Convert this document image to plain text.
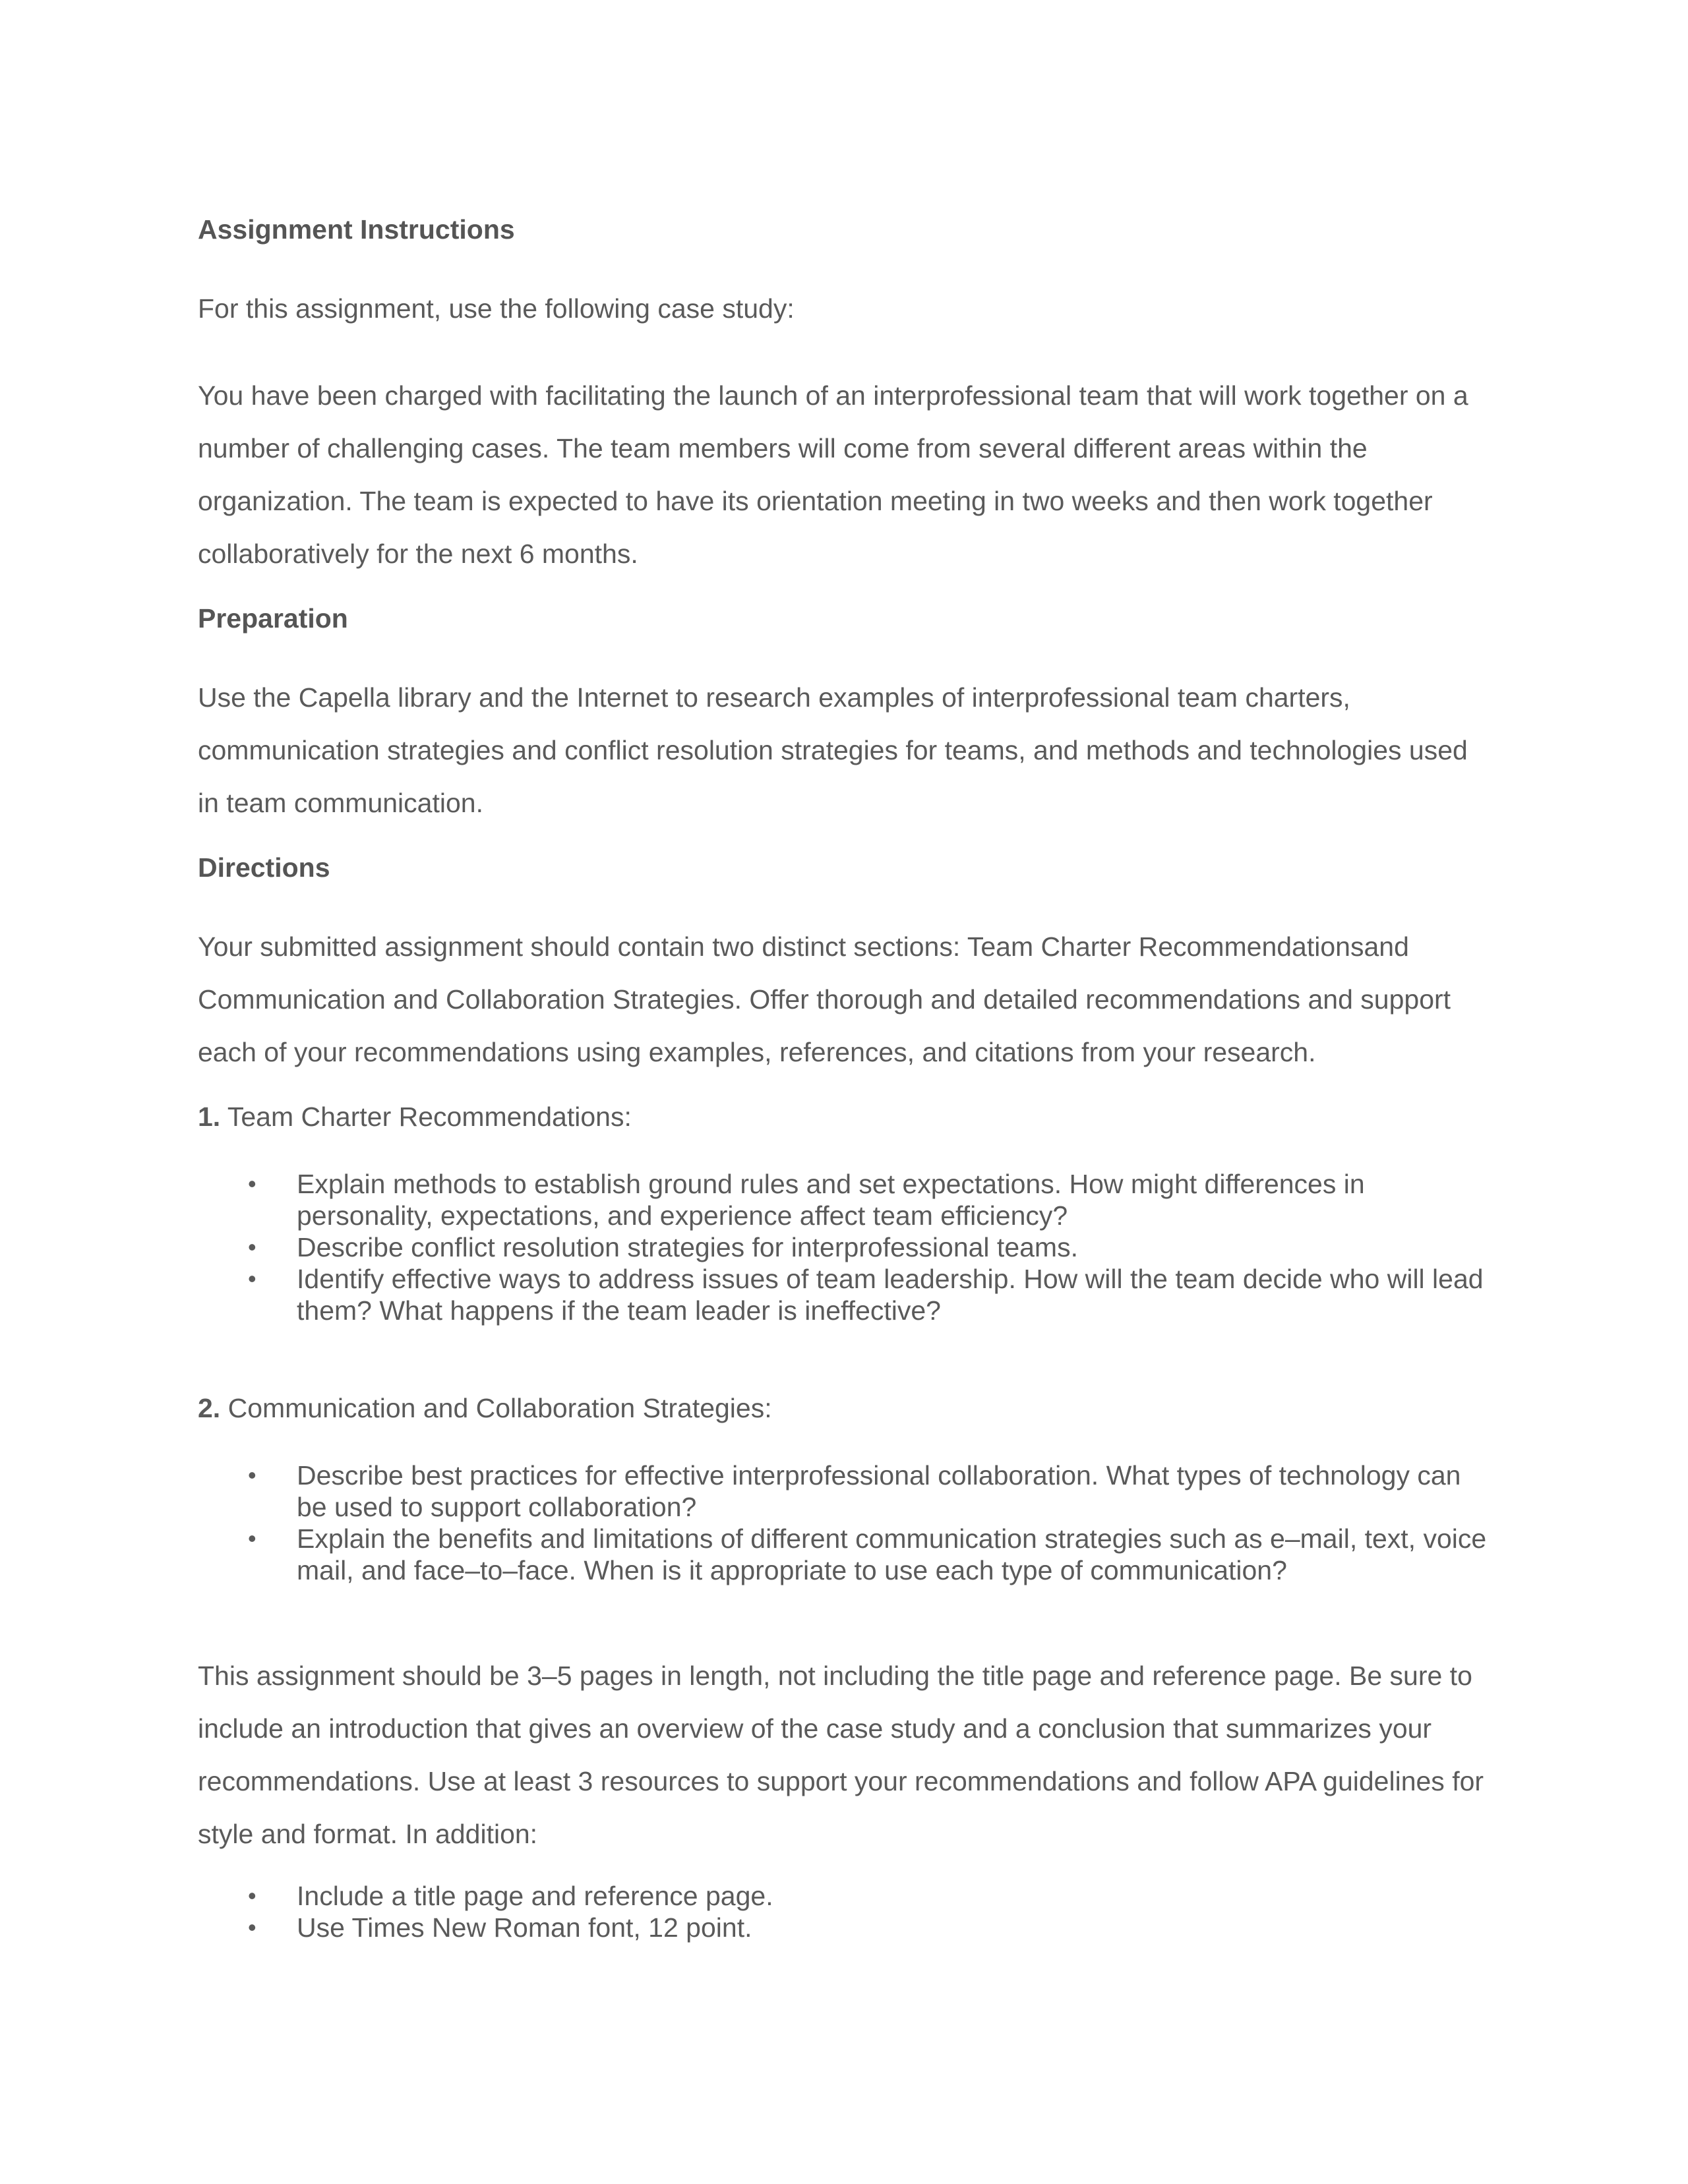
Assignment Instructions
For this assignment, use the following case study:
You have been charged with facilitating the launch of an interprofessional team that will work together on a number of challenging cases. The team members will come from several different areas within the organization. The team is expected to have its orientation meeting in two weeks and then work together collaboratively for the next 6 months.
Preparation
Use the Capella library and the Internet to research examples of interprofessional team charters, communication strategies and conflict resolution strategies for teams, and methods and technologies used in team communication.
Directions
Your submitted assignment should contain two distinct sections: Team Charter Recommendationsand Communication and Collaboration Strategies. Offer thorough and detailed recommendations and support each of your recommendations using examples, references, and citations from your research.
1. Team Charter Recommendations:
• Explain methods to establish ground rules and set expectations. How might differences in personality, expectations, and experience affect team efficiency?
• Describe conflict resolution strategies for interprofessional teams.
• Identify effective ways to address issues of team leadership. How will the team decide who will lead them? What happens if the team leader is ineffective?
2. Communication and Collaboration Strategies:
• Describe best practices for effective interprofessional collaboration. What types of technology can be used to support collaboration?
• Explain the benefits and limitations of different communication strategies such as e–mail, text, voice mail, and face–to–face. When is it appropriate to use each type of communication?
This assignment should be 3–5 pages in length, not including the title page and reference page. Be sure to include an introduction that gives an overview of the case study and a conclusion that summarizes your recommendations. Use at least 3 resources to support your recommendations and follow APA guidelines for style and format. In addition:
• Include a title page and reference page.
• Use Times New Roman font, 12 point.
